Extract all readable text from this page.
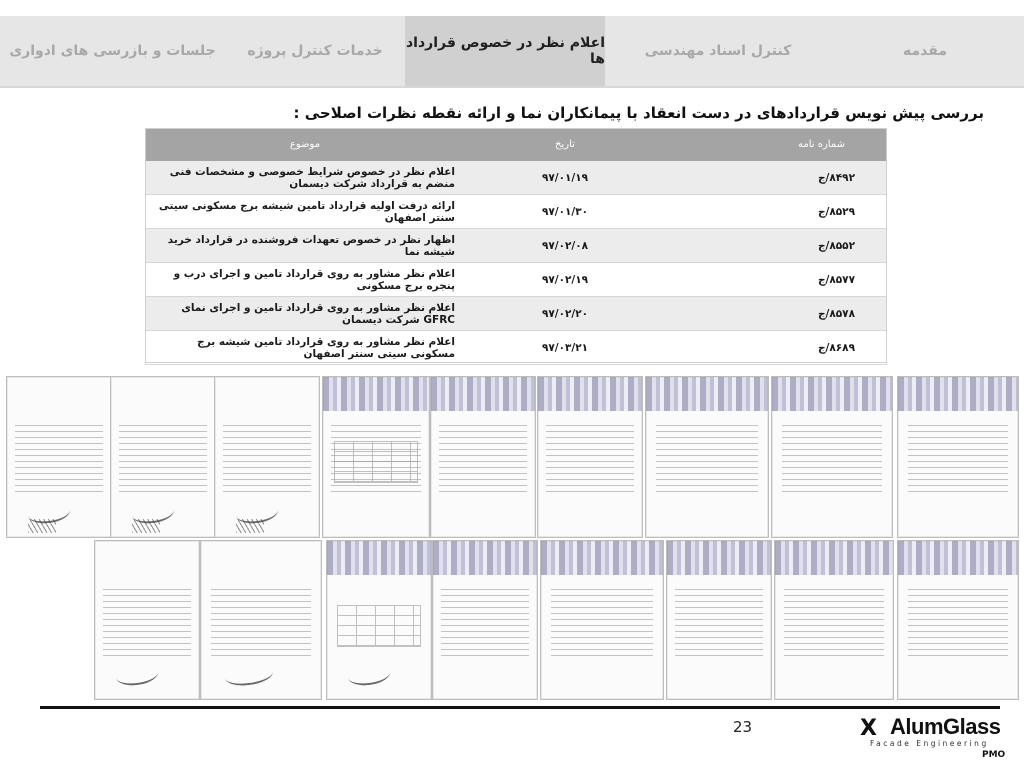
جلسات و بازرسی های ادواری	خدمات کنترل پروژه	اعلام نظر در خصوص قرارداد ها	کنترل اسناد مهندسی	مقدمه
بررسی پیش نویس قراردادهای در دست انعقاد با پیمانکاران نما و ارائه نقطه نظرات اصلاحی :
شماره نامه	تاریخ	موضوع
۸۴۹۲/ج	۹۷/۰۱/۱۹	اعلام نظر در خصوص شرایط خصوصی و مشخصات فنی منضم به قرارداد شرکت دیسمان
۸۵۲۹/ج	۹۷/۰۱/۳۰	ارائه درفت اولیه قرارداد تامین شیشه برج مسکونی سیتی سنتر اصفهان
۸۵۵۲/ج	۹۷/۰۲/۰۸	اظهار نظر در خصوص تعهدات فروشنده در قرارداد خرید شیشه نما
۸۵۷۷/ج	۹۷/۰۲/۱۹	اعلام نظر مشاور به روی قرارداد تامین و اجرای درب و پنجره برج مسکونی
۸۵۷۸/ج	۹۷/۰۲/۲۰	اعلام نظر مشاور به روی قرارداد تامین و اجرای نمای GFRC شرکت دیسمان
۸۶۸۹/ج	۹۷/۰۳/۲۱	اعلام نظر مشاور به روی قرارداد تامین شیشه برج مسکونی سیتی سنتر اصفهان
23	X AlumGlass
Facade Engineering
PMO
